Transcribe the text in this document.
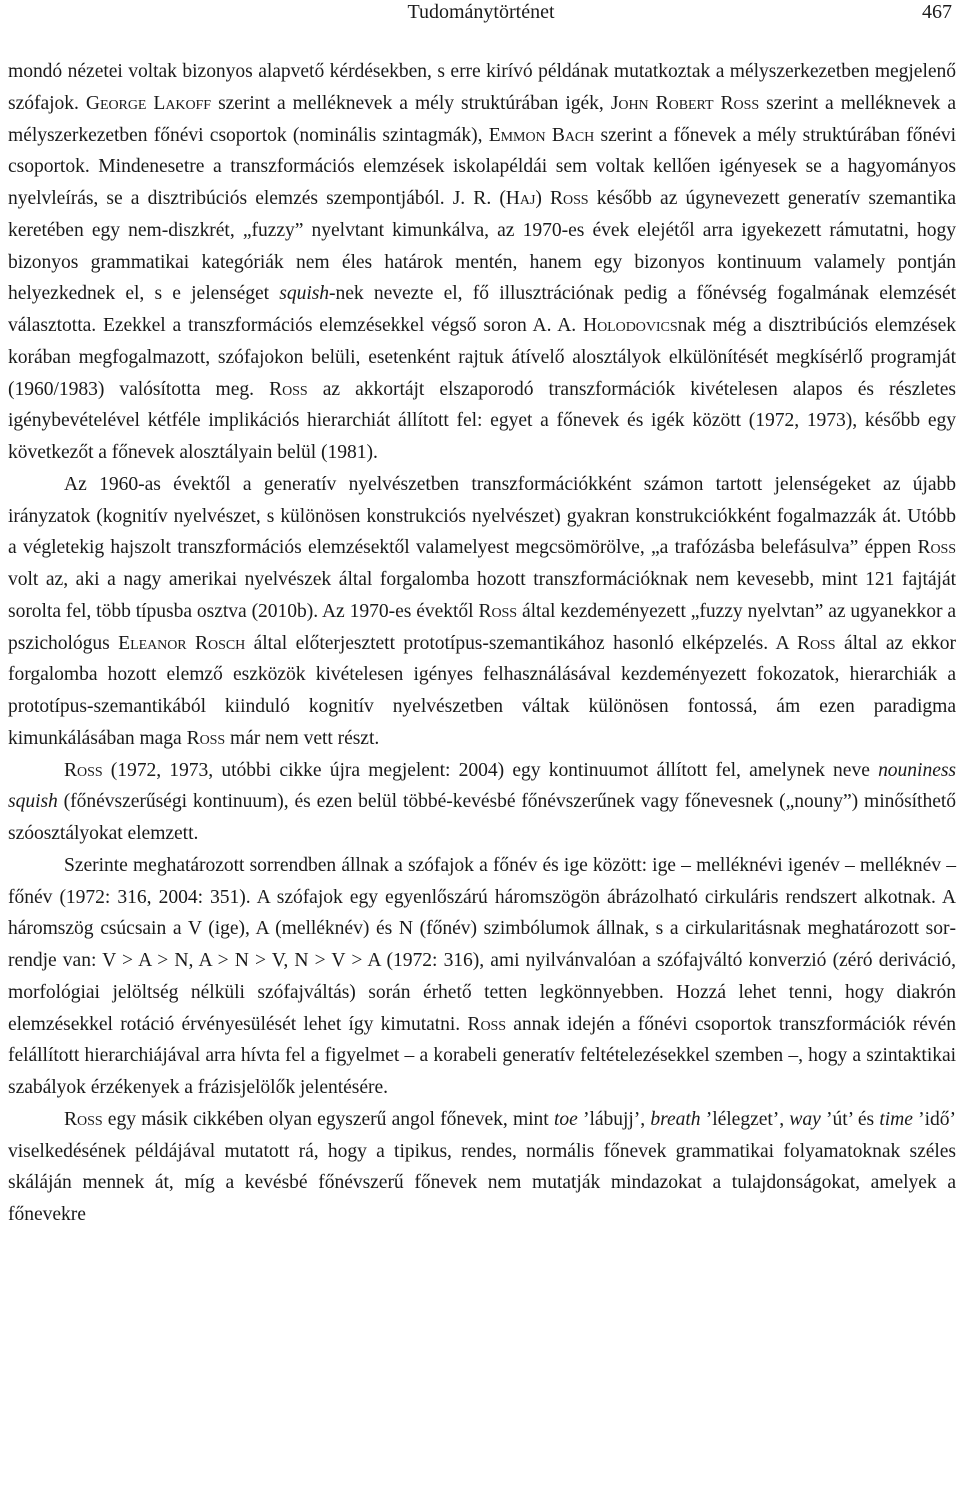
Tudománytörténet	467

mondó nézetei voltak bizonyos alapvető kérdésekben, s erre kirívó példának mutatkoztak a mélyszerkezetben megjelenő szófajok. George Lakoff szerint a melléknevek a mély struktúrában igék, John Robert Ross szerint a melléknevek a mélyszerkezetben főnévi csoportok (nominális szintagmák), Emmon Bach szerint a főnevek a mély struktúrában főnévi csoportok. Mindenesetre a transzformációs elemzések iskolapéldái sem voltak kellően igényesek se a hagyományos nyelvleírás, se a disztribúciós elemzés szempontjából. J. R. (Haj) Ross később az úgynevezett generatív szemantika keretében egy nem-diszkrét, „fuzzy” nyelvtant kimunkálva, az 1970-es évek elejétől arra igyekezett rámutatni, hogy bizonyos grammatikai kategóriák nem éles határok mentén, hanem egy bizonyos kontinuum valamely pontján helyezkednek el, s e jelenséget squish-nek nevezte el, fő illusztrációnak pedig a főnévség fogalmának elemzését választotta. Ezekkel a transzformációs elemzésekkel végső soron A. A. Holodovicsnak még a disztribúciós elemzések korában megfogalmazott, szófajokon belüli, esetenként rajtuk átívelő alosztályok elkülönítését megkísérlő programját (1960/1983) valósította meg. Ross az akkortájt elszaporodó transzformációk kivételesen alapos és részletes igénybevételével kétféle implikációs hierarchiát állított fel: egyet a főnevek és igék között (1972, 1973), később egy következőt a főnevek alosztályain belül (1981).

Az 1960-as évektől a generatív nyelvészetben transzformációkként számon tartott jelenségeket az újabb irányzatok (kognitív nyelvészet, s különösen konstrukciós nyelvészet) gyakran konstrukciókként fogalmazzák át. Utóbb a végletekig hajszolt transzformációs elemzésektől valamelyest megcsömörölve, „a trafózásba belefásulva” éppen Ross volt az, aki a nagy amerikai nyelvészek által forgalomba hozott transzformációknak nem kevesebb, mint 121 fajtáját sorolta fel, több típusba osztva (2010b). Az 1970-es évektől Ross által kezdeményezett „fuzzy nyelvtan” az ugyanekkor a pszichológus Eleanor Rosch által előterjesztett prototípus-szemantikához hasonló elképzelés. A Ross által az ekkor forgalomba hozott elemző eszközök kivételesen igényes felhasználásával kezdeményezett fokozatok, hierarchiák a prototípus-szemantikából kiinduló kognitív nyelvészetben váltak különösen fontossá, ám ezen paradigma kimunkálásában maga Ross már nem vett részt.

Ross (1972, 1973, utóbbi cikke újra megjelent: 2004) egy kontinuumot állított fel, amelynek neve nouniness squish (főnévszerűségi kontinuum), és ezen belül többé-kevésbé főnévszerűnek vagy főnevesnek („nouny”) minősíthető szóosztályokat elemzett.

Szerinte meghatározott sorrendben állnak a szófajok a főnév és ige között: ige – melléknévi igenév – melléknév – főnév (1972: 316, 2004: 351). A szófajok egy egyenlőszárú háromszögön ábrázolható cirkuláris rendszert alkotnak. A háromszög csúcsain a V (ige), A (melléknév) és N (főnév) szimbólumok állnak, s a cirkularitásnak meghatározott sorrendje van: V > A > N, A > N > V, N > V > A (1972: 316), ami nyilvánvalóan a szófajváltó konverzió (zéró deriváció, morfológiai jelöltség nélküli szófajváltás) során érhető tetten legkönnyebben. Hozzá lehet tenni, hogy diakrón elemzésekkel rotáció érvényesülését lehet így kimutatni. Ross annak idején a főnévi csoportok transzformációk révén felállított hierarchiájával arra hívta fel a figyelmet – a korabeli generatív feltételezésekkel szemben –, hogy a szintaktikai szabályok érzékenyek a frázisjelölők jelentésére.

Ross egy másik cikkében olyan egyszerű angol főnevek, mint toe ’lábujj’, breath ’lélegzet’, way ’út’ és time ’idő’ viselkedésének példájával mutatott rá, hogy a tipikus, rendes, normális főnevek grammatikai folyamatoknak széles skáláján mennek át, míg a kevésbé főnévszerű főnevek nem mutatják mindazokat a tulajdonságokat, amelyek a főnevekre
